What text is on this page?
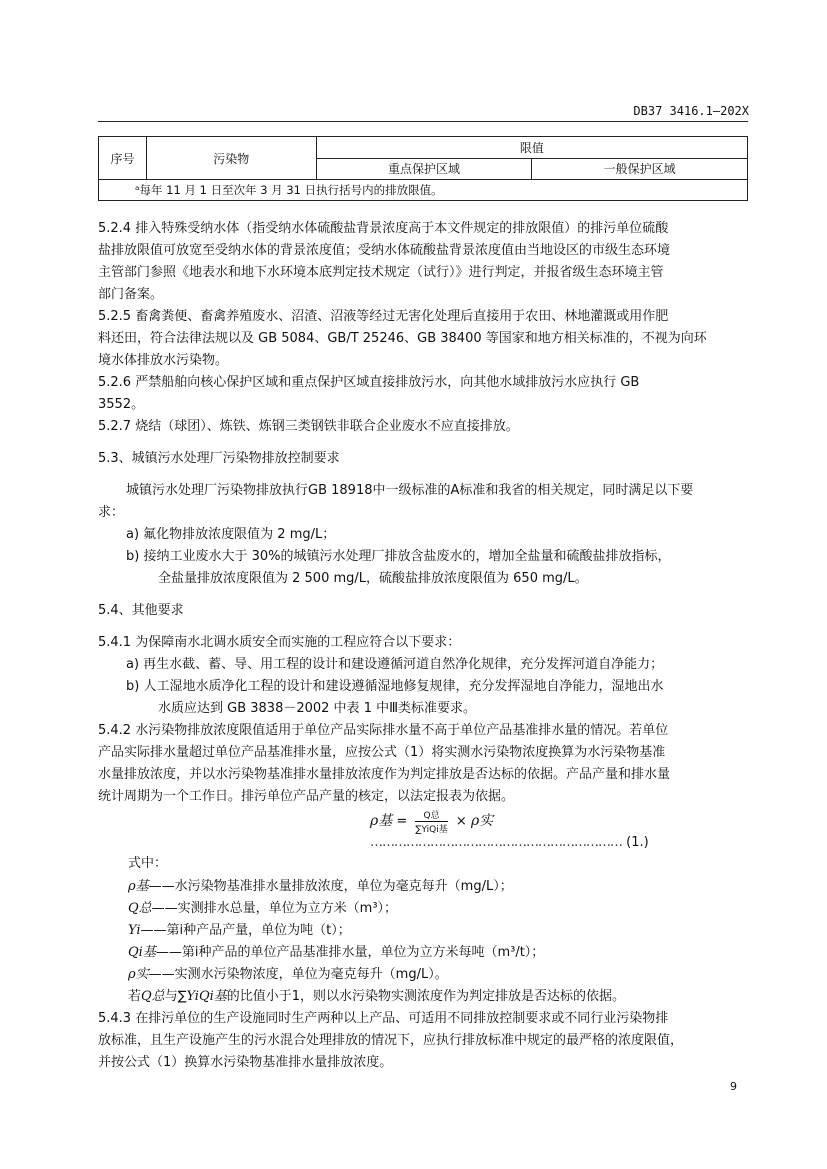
DB37 3416.1—202X
序号	污染物	限值	
		重点保护区域	一般保护区域
ᵃ每年 11 月 1 日至次年 3 月 31 日执行括号内的排放限值。			
5.2.4 排入特殊受纳水体（指受纳水体硫酸盐背景浓度高于本文件规定的排放限值）的排污单位硫酸
盐排放限值可放宽至受纳水体的背景浓度值；受纳水体硫酸盐背景浓度值由当地设区的市级生态环境
主管部门参照《地表水和地下水环境本底判定技术规定（试行）》进行判定，并报省级生态环境主管
部门备案。
5.2.5 畜禽粪便、畜禽养殖废水、沼渣、沼液等经过无害化处理后直接用于农田、林地灌溉或用作肥
料还田，符合法律法规以及 GB 5084、GB/T 25246、GB 38400 等国家和地方相关标准的，不视为向环
境水体排放水污染物。
5.2.6 严禁船舶向核心保护区域和重点保护区域直接排放污水，向其他水域排放污水应执行 GB
3552。
5.2.7 烧结（球团）、炼铁、炼钢三类钢铁非联合企业废水不应直接排放。
5.3、城镇污水处理厂污染物排放控制要求
城镇污水处理厂污染物排放执行GB 18918中一级标准的A标准和我省的相关规定，同时满足以下要
求：
a) 氟化物排放浓度限值为 2 mg/L；
b) 接纳工业废水大于 30%的城镇污水处理厂排放含盐废水的，增加全盐量和硫酸盐排放指标，
全盐量排放浓度限值为 2 500 mg/L，硫酸盐排放浓度限值为 650 mg/L。
5.4、其他要求
5.4.1 为保障南水北调水质安全而实施的工程应符合以下要求：
a) 再生水截、蓄、导、用工程的设计和建设遵循河道自然净化规律，充分发挥河道自净能力；
b) 人工湿地水质净化工程的设计和建设遵循湿地修复规律，充分发挥湿地自净能力，湿地出水
水质应达到 GB 3838－2002 中表 1 中Ⅲ类标准要求。
5.4.2 水污染物排放浓度限值适用于单位产品实际排水量不高于单位产品基准排水量的情况。若单位
产品实际排水量超过单位产品基准排水量，应按公式（1）将实测水污染物浓度换算为水污染物基准
水量排放浓度，并以水污染物基准排水量排放浓度作为判定排放是否达标的依据。产品产量和排水量
统计周期为一个工作日。排污单位产品产量的核定，以法定报表为依据。
ρ基 = $\frac{\text{Q总}}{\text{∑YiQi基}} \times \rho$实 ……………………………………………………… (1.)
式中：
ρ基——水污染物基准排水量排放浓度，单位为毫克每升（mg/L）；
Q总——实测排水总量，单位为立方米（m³）；
Yi——第i种产品产量，单位为吨（t）；
Qi基——第i种产品的单位产品基准排水量，单位为立方米每吨（m³/t）；
ρ实——实测水污染物浓度，单位为毫克每升（mg/L）。
若Q总与∑YiQi基的比值小于1，则以水污染物实测浓度作为判定排放是否达标的依据。
5.4.3 在排污单位的生产设施同时生产两种以上产品、可适用不同排放控制要求或不同行业污染物排
放标准，且生产设施产生的污水混合处理排放的情况下，应执行排放标准中规定的最严格的浓度限值，
并按公式（1）换算水污染物基准排水量排放浓度。
9
